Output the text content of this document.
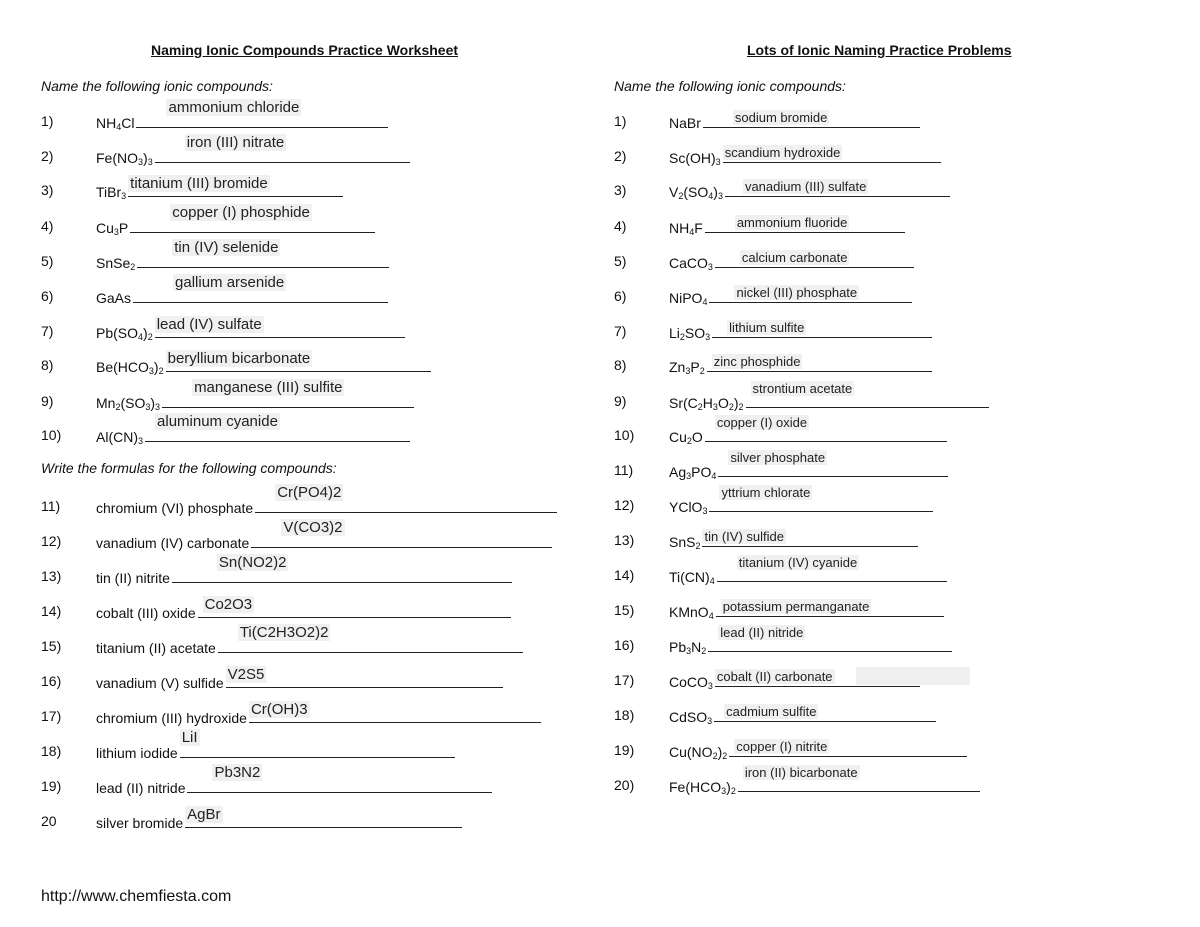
Naming Ionic Compounds Practice Worksheet
Name the following ionic compounds:
1)	$NH_4Cl$
ammonium chloride
2)	$Fe(NO_3)_3$
iron (III) nitrate
3)	TiBr$_3$
titanium (III) bromide
4)	$Cu_3P$
copper (I) phosphide
5)	SnSe$_2$
tin (IV) selenide
6)	GaAs
gallium arsenide
7)	$Pb(SO_4)_2$
lead (IV) sulfate
8)	$Be(HCO_3)_2$
beryllium bicarbonate
9)	$Mn_2(SO_3)_3$
manganese (III) sulfite
10) $Al(CN)_3$
aluminum cyanide
Write the formulas for the following compounds:
11)	chromium (VI) phosphate
Cr(PO4)2
12) vanadium (IV) carbonate
V(CO3)2
13) tin (II) nitrite
Sn(NO2)2
14) cobalt (III) oxide Co2O3
15) titanium (II) acetate
Ti(C2H3O2)2
16) vanadium (V) sulfide V2S5
17) chromium (III) hydroxide Cr(OH)3
18) lithium iodide
LiI
19) lead (II) nitride
Pb3N2
20	silver bromide AgBr
Lots of Ionic Naming Practice Problems
Name the following ionic compounds:
1)	NaBr	sodium bromide
2)	$Sc(OH)_3$
scandium hydroxide
3)	$V_2(SO_4)_3$
vanadium (III) sulfate
4)	$NH_4F$	ammonium fluoride
5)	CaCO$_3$
calcium carbonate
6)	NiPO$_4$
nickel (III) phosphate
7)	$Li_2SO_3$
lithium sulfite
8)	$Zn_3P_2$
zinc phosphide
9)	$Sr(C_2H_3O_2)_2$
strontium acetate
10) $Cu_2O$
copper (I) oxide
11)	$Ag_3PO_4$
silver phosphate
12) YClO$_3$
yttrium chlorate
13) SnS$_2$
tin (IV) sulfide
14) $Ti(CN)_4$
titanium (IV) cyanide
15) KMnO$_4$
potassium permanganate
16) $Pb_3N_2$
lead (II) nitride
17) CoCO$_3$
cobalt (II) carbonate
18) CdSO$_3$
cadmium sulfite
19) $Cu(NO_2)_2$
copper (I) nitrite
20) $Fe(HCO_3)_2$
iron (II) bicarbonate
http://www.chemfiesta.com
